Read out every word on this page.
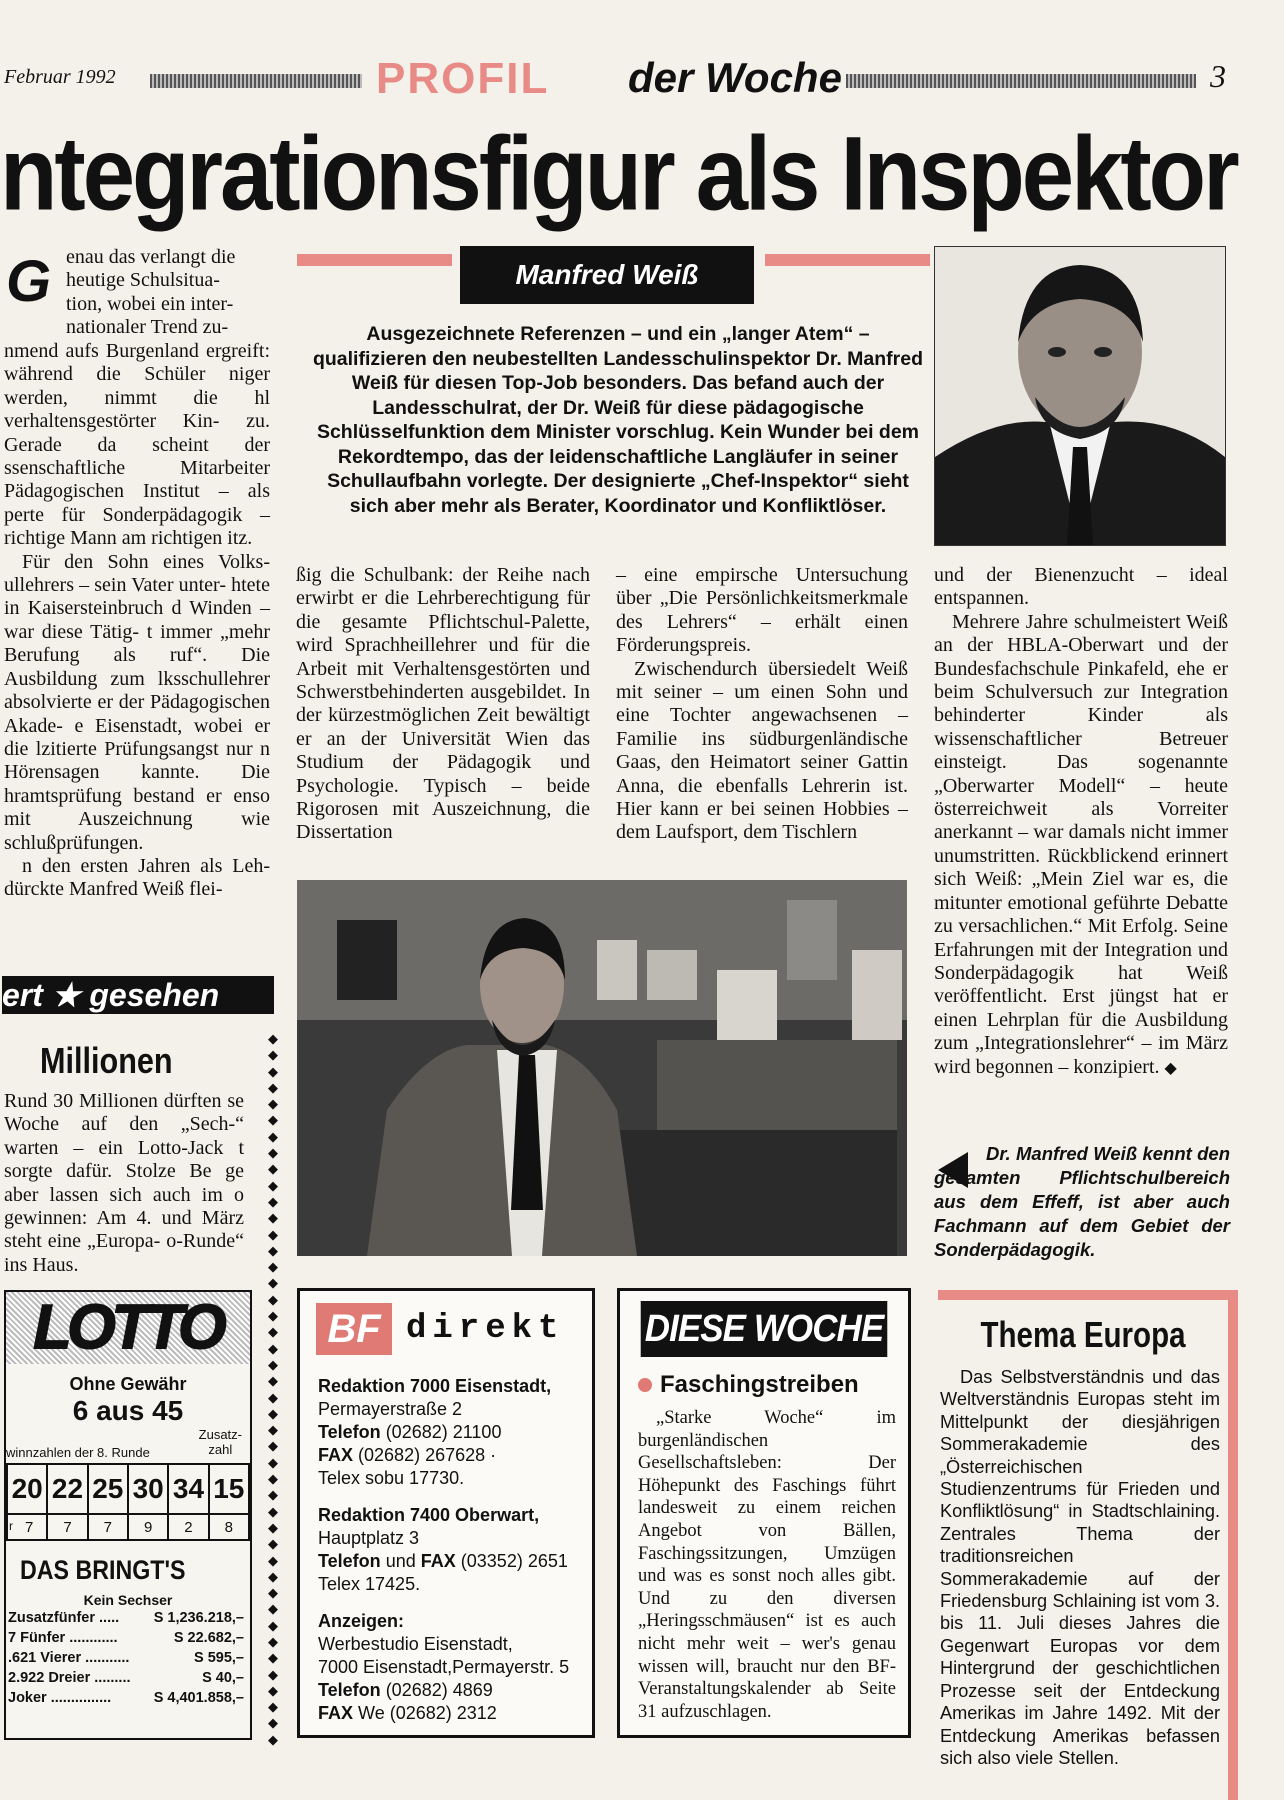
Februar 1992	PROFIL der Woche	3
ntegrationsfigur als Inspektor
Manfred Weiß
Ausgezeichnete Referenzen – und ein „langer Atem“ – qualifizieren den neubestellten Landesschulinspektor Dr. Manfred Weiß für diesen Top-Job besonders. Das befand auch der Landesschulrat, der Dr. Weiß für diese pädagogische Schlüsselfunktion dem Minister vorschlug. Kein Wunder bei dem Rekordtempo, das der leidenschaftliche Langläufer in seiner Schullaufbahn vorlegte. Der designierte „Chef-Inspektor“ sieht sich aber mehr als Berater, Koordinator und Konfliktlöser.
G enau das verlangt die

heutige Schulsitua-

tion, wobei ein inter-

nationaler Trend zu-

nmend aufs Burgenland ergreift: während die Schüler niger werden, nimmt die hl verhaltensgestörter Kin- zu. Gerade da scheint der ssenschaftliche Mitarbeiter Pädagogischen Institut – als perte für Sonderpädagogik – richtige Mann am richtigen itz.

Für den Sohn eines Volks- ullehrers – sein Vater unter- htete in Kaisersteinbruch d Winden – war diese Tätig- t immer „mehr Berufung als ruf“. Die Ausbildung zum lksschullehrer absolvierte er der Pädagogischen Akade- e Eisenstadt, wobei er die lzitierte Prüfungsangst nur n Hörensagen kannte. Die hramtsprüfung bestand er enso mit Auszeichnung wie schlußprüfungen.

n den ersten Jahren als Leh- dürckte Manfred Weiß flei-

ßig die Schulbank: der Reihe nach erwirbt er die Lehrberechtigung für die gesamte Pflichtschul-Palette, wird Sprachheillehrer und für die Arbeit mit Verhaltensgestörten und Schwerstbehinderten ausgebildet. In der kürzestmöglichen Zeit bewältigt er an der Universität Wien das Studium der Pädagogik und Psychologie. Typisch – beide Rigorosen mit Auszeichnung, die Dissertation

– eine empirsche Untersuchung über „Die Persönlichkeitsmerkmale des Lehrers“ – erhält einen Förderungspreis.

Zwischendurch übersiedelt Weiß mit seiner – um einen Sohn und eine Tochter angewachsenen – Familie ins südburgenländische Gaas, den Heimatort seiner Gattin Anna, die ebenfalls Lehrerin ist. Hier kann er bei seinen Hobbies – dem Laufsport, dem Tischlern

und der Bienenzucht – ideal entspannen.

Mehrere Jahre schulmeistert Weiß an der HBLA-Oberwart und der Bundesfachschule Pinkafeld, ehe er beim Schulversuch zur Integration behinderter Kinder als wissenschaftlicher Betreuer einsteigt. Das sogenannte „Oberwarter Modell“ – heute österreichweit als Vorreiter anerkannt – war damals nicht immer unumstritten. Rückblickend erinnert sich Weiß: „Mein Ziel war es, die mitunter emotional geführte Debatte zu versachlichen.“ Mit Erfolg. Seine Erfahrungen mit der Integration und Sonderpädagogik hat Weiß veröffentlicht. Erst jüngst hat er einen Lehrplan für die Ausbildung zum „Integrationslehrer“ – im März wird begonnen – konzipiert. ◆

Dr. Manfred Weiß kennt den gesamten Pflichtschulbereich aus dem Effeff, ist aber auch Fachmann auf dem Gebiet der Sonderpädagogik.
◆
◆
◆
◆
◆
◆
◆
◆
◆
◆
◆
◆
◆
◆
◆
◆
◆
◆
◆
◆
◆
◆
◆
◆
◆
◆
◆
◆
◆
◆
◆
◆
◆
◆
◆
◆
◆
◆
◆
◆
◆
◆
◆
◆
ert ★ gesehen
Millionen

Rund 30 Millionen dürften se Woche auf den „Sech-“ warten – ein Lotto-Jack t sorgte dafür. Stolze Be ge aber lassen sich auch im o gewinnen: Am 4. und März steht eine „Europa- o-Runde“ ins Haus.

LOTTO
Ohne Gewähr
6 aus 45
winnzahlen der 8. Runde
Zusatz-
zahl
20	22	25	30	34	15

r 7	7	7	9	2	8
DAS BRINGT'S
Kein Sechser
Zusatzfünfer ..... S 1,236.218,–
7 Fünfer ............	S 22.682,–
.621 Vierer ...........	S 595,–
2.922 Dreier .........	S 40,–
Joker ...............	S 4,401.858,–
BF direkt
Redaktion 7000 Eisenstadt,
Permayerstraße 2
Telefon (02682) 21100
FAX (02682) 267628 ·
Telex sobu 17730.
Redaktion 7400 Oberwart,
Hauptplatz 3
Telefon und FAX (03352) 2651
Telex 17425.
Anzeigen:
Werbestudio Eisenstadt,
7000 Eisenstadt,Permayerstr. 5
Telefon (02682) 4869
FAX We (02682) 2312
DIESE WOCHE
Faschingstreiben
„Starke Woche“ im burgenländischen Gesellschaftsleben: Der Höhepunkt des Faschings führt landesweit zu einem reichen Angebot von Bällen, Faschingssitzungen, Umzügen und was es sonst noch alles gibt. Und zu den diversen „Heringsschmäusen“ ist es auch nicht mehr weit – wer's genau wissen will, braucht nur den BF-Veranstaltungskalender ab Seite 31 aufzuschlagen.
Thema Europa
Das Selbstverständnis und das Weltverständnis Europas steht im Mittelpunkt der diesjährigen Sommerakademie des „Österreichischen Studienzentrums für Frieden und Konfliktlösung“ in Stadtschlaining. Zentrales Thema der traditionsreichen Sommerakademie auf der Friedensburg Schlaining ist vom 3. bis 11. Juli dieses Jahres die Gegenwart Europas vor dem Hintergrund der geschichtlichen Prozesse seit der Entdeckung Amerikas im Jahre 1492. Mit der Entdeckung Amerikas befassen sich also viele Stellen.
